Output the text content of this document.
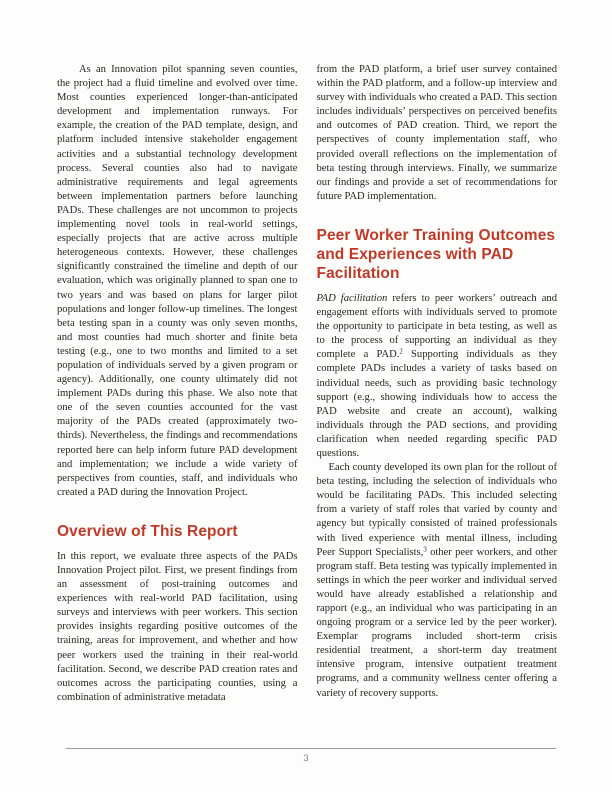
As an Innovation pilot spanning seven counties, the project had a fluid timeline and evolved over time. Most counties experienced longer-than-anticipated development and implementation runways. For example, the creation of the PAD template, design, and platform included intensive stakeholder engagement activities and a substantial technology development process. Several counties also had to navigate administrative requirements and legal agreements between implementation partners before launching PADs. These challenges are not uncommon to projects implementing novel tools in real-world settings, especially projects that are active across multiple heterogeneous contexts. However, these challenges significantly constrained the timeline and depth of our evaluation, which was originally planned to span one to two years and was based on plans for larger pilot populations and longer follow-up timelines. The longest beta testing span in a county was only seven months, and most counties had much shorter and finite beta testing (e.g., one to two months and limited to a set population of individuals served by a given program or agency). Additionally, one county ultimately did not implement PADs during this phase. We also note that one of the seven counties accounted for the vast majority of the PADs created (approximately two-thirds). Nevertheless, the findings and recommendations reported here can help inform future PAD development and implementation; we include a wide variety of perspectives from counties, staff, and individuals who created a PAD during the Innovation Project.

Overview of This Report

In this report, we evaluate three aspects of the PADs Innovation Project pilot. First, we present findings from an assessment of post-training outcomes and experiences with real-world PAD facilitation, using surveys and interviews with peer workers. This section provides insights regarding positive outcomes of the training, areas for improvement, and whether and how peer workers used the training in their real-world facilitation. Second, we describe PAD creation rates and outcomes across the participating counties, using a combination of administrative metadata

from the PAD platform, a brief user survey contained within the PAD platform, and a follow-up interview and survey with individuals who created a PAD. This section includes individuals’ perspectives on perceived benefits and outcomes of PAD creation. Third, we report the perspectives of county implementation staff, who provided overall reflections on the implementation of beta testing through interviews. Finally, we summarize our findings and provide a set of recommendations for future PAD implementation.

Peer Worker Training Outcomes and Experiences with PAD Facilitation

PAD facilitation refers to peer workers’ outreach and engagement efforts with individuals served to promote the opportunity to participate in beta testing, as well as to the process of supporting an individual as they complete a PAD.$^2$ Supporting individuals as they complete PADs includes a variety of tasks based on individual needs, such as providing basic technology support (e.g., showing individuals how to access the PAD website and create an account), walking individuals through the PAD sections, and providing clarification when needed regarding specific PAD questions.

Each county developed its own plan for the rollout of beta testing, including the selection of individuals who would be facilitating PADs. This included selecting from a variety of staff roles that varied by county and agency but typically consisted of trained professionals with lived experience with mental illness, including Peer Support Specialists,$^3$ other peer workers, and other program staff. Beta testing was typically implemented in settings in which the peer worker and individual served would have already established a relationship and rapport (e.g., an individual who was participating in an ongoing program or a service led by the peer worker). Exemplar programs included short-term crisis residential treatment, a short-term day treatment intensive program, intensive outpatient treatment programs, and a community wellness center offering a variety of recovery supports.

3
